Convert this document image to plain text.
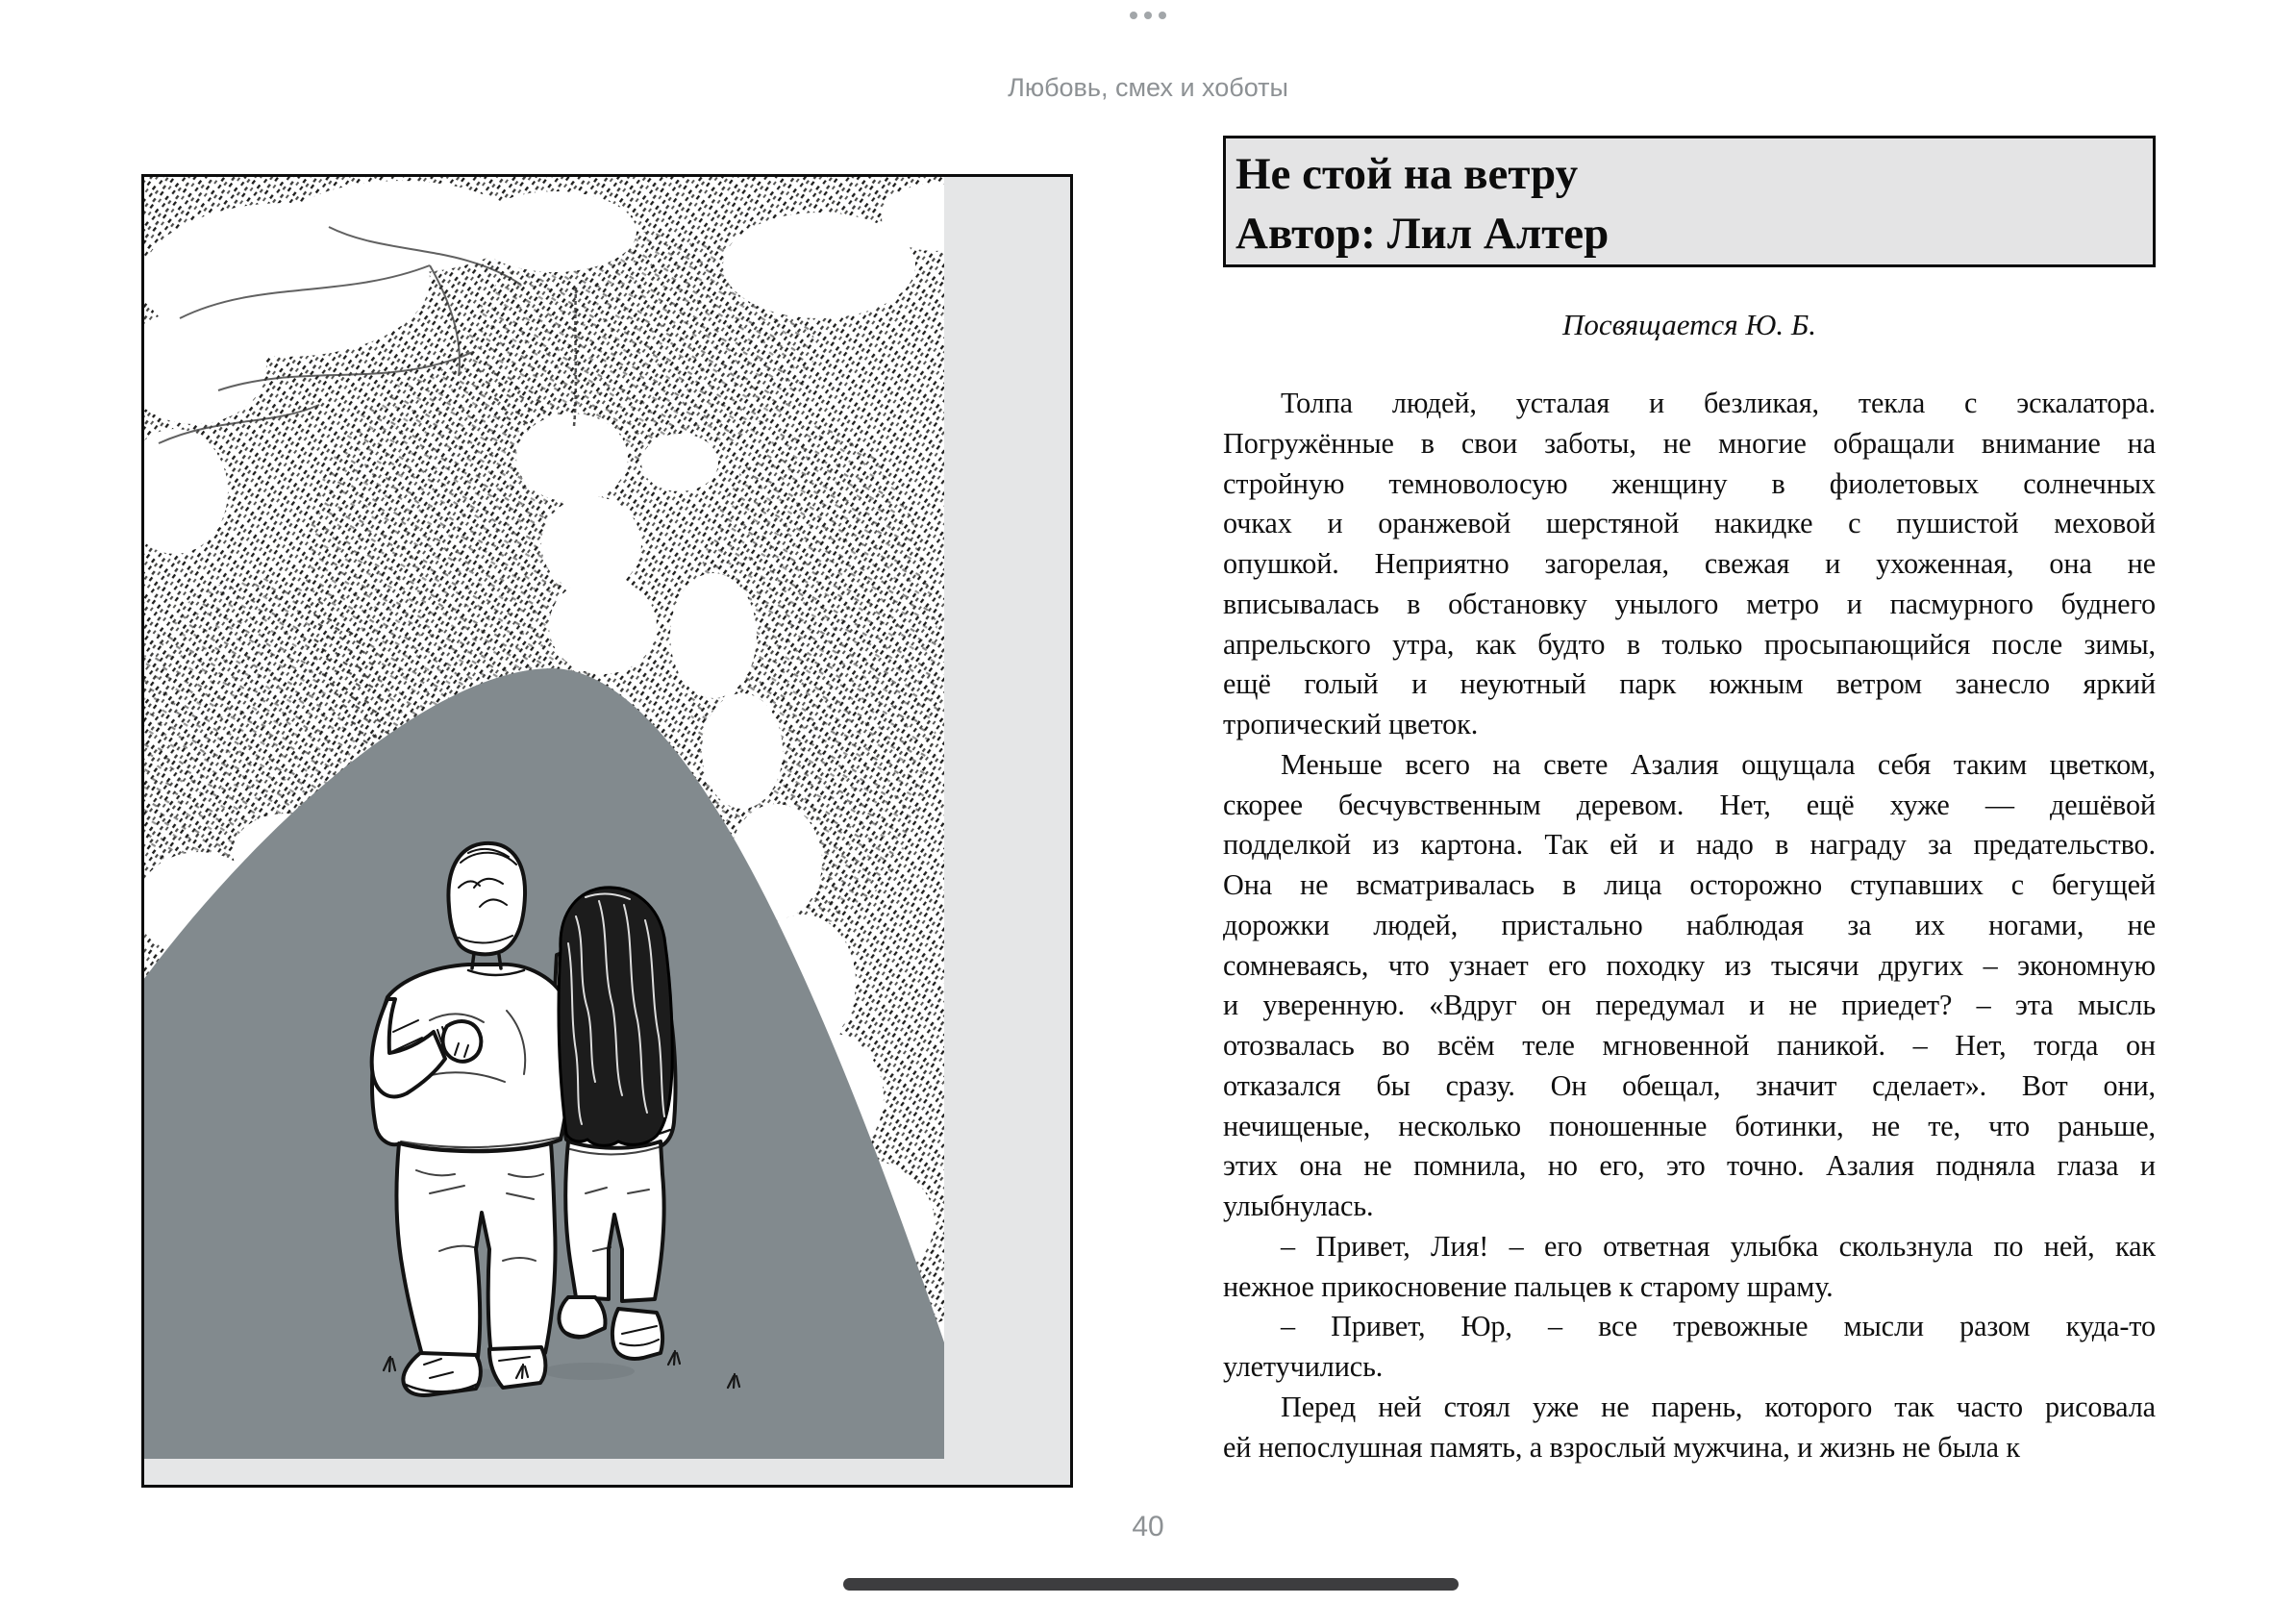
Любовь, смех и хоботы
Не стой на ветру
Автор: Лил Алтер
Посвящается Ю. Б.
Толпа людей, усталая и безликая, текла с эскалатора.
Погружённые в свои заботы, не многие обращали внимание на
стройную темноволосую женщину в фиолетовых солнечных
очках и оранжевой шерстяной накидке с пушистой меховой
опушкой. Неприятно загорелая, свежая и ухоженная, она не
вписывалась в обстановку унылого метро и пасмурного буднего
апрельского утра, как будто в только просыпающийся после зимы,
ещё голый и неуютный парк южным ветром занесло яркий
тропический цветок.
Меньше всего на свете Азалия ощущала себя таким цветком,
скорее бесчувственным деревом. Нет, ещё хуже — дешёвой
подделкой из картона. Так ей и надо в награду за предательство.
Она не всматривалась в лица осторожно ступавших с бегущей
дорожки людей, пристально наблюдая за их ногами, не
сомневаясь, что узнает его походку из тысячи других – экономную
и уверенную. «Вдруг он передумал и не приедет? – эта мысль
отозвалась во всём теле мгновенной паникой. – Нет, тогда он
отказался бы сразу. Он обещал, значит сделает». Вот они,
нечищеные, несколько поношенные ботинки, не те, что раньше,
этих она не помнила, но его, это точно. Азалия подняла глаза и
улыбнулась.
– Привет, Лия! – его ответная улыбка скользнула по ней, как
нежное прикосновение пальцев к старому шраму.
– Привет, Юр, – все тревожные мысли разом куда-то
улетучились.
Перед ней стоял уже не парень, которого так часто рисовала
ей непослушная память, а взрослый мужчина, и жизнь не была к
40
